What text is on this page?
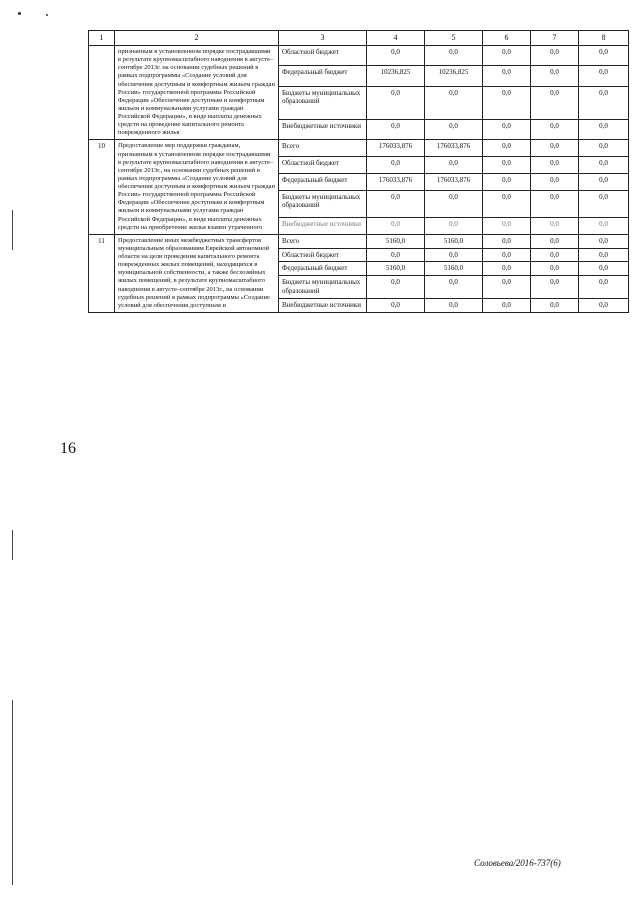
1	2	3	4	5	6	7	8
	признанным в установленном порядке пострадавшими в результате крупномасштабного наводнения в августе–сентябре 2013г. на основании судебных решений в рамках подпрограммы «Создание условий для обеспечения доступным и комфортным жильем граждан России» государственной программы Российской Федерации «Обеспечение доступным и комфортным жильем и коммунальными услугами граждан Российской Федерации», в виде выплаты денежных средств на проведение капитального ремонта поврежденного жилья	Областной бюджет	0,0	0,0	0,0	0,0	0,0
		Федеральный бюджет	10236,825	10236,825	0,0	0,0	0,0
		Бюджеты муниципальных образований	0,0	0,0	0,0	0,0	0,0
		Внебюджетные источники	0,0	0,0	0,0	0,0	0,0
10	Предоставление мер поддержки гражданам, признанным в установленном порядке пострадавшими в результате крупномасштабного наводнения в августе–сентябре 2013г., на основании судебных решений в рамках подпрограммы «Создание условий для обеспечения доступным и комфортным жильем граждан России» государственной программы Российской Федерации «Обеспечение доступным и комфортным жильем и коммунальными услугами граждан Российской Федерации», в виде выплаты денежных средств на приобретение жилья взамен утраченного	Всего	176033,876	176033,876	0,0	0,0	0,0
		Областной бюджет	0,0	0,0	0,0	0,0	0,0
		Федеральный бюджет	176033,876	176033,876	0,0	0,0	0,0
		Бюджеты муниципальных образований	0,0	0,0	0,0	0,0	0,0
		Внебюджетные источники	0,0	0,0	0,0	0,0	0,0
11	Предоставление иных межбюджетных трансфертов муниципальным образованиям Еврейской автономной области на цели проведения капитального ремонта поврежденных жилых помещений, находящихся в муниципальной собственности, а также бесхозяйных жилых помещений, в результате крупномасштабного наводнения в августе–сентябре 2013г., на основании судебных решений в рамках подпрограммы «Создание условий для обеспечения доступным и	Всего	5160,0	5160,0	0,0	0,0	0,0
		Областной бюджет	0,0	0,0	0,0	0,0	0,0
		Федеральный бюджет	5160,0	5160,0	0,0	0,0	0,0
		Бюджеты муниципальных образований	0,0	0,0	0,0	0,0	0,0
		Внебюджетные источники	0,0	0,0	0,0	0,0	0,0
16
Соловьева/2016-737(6)
